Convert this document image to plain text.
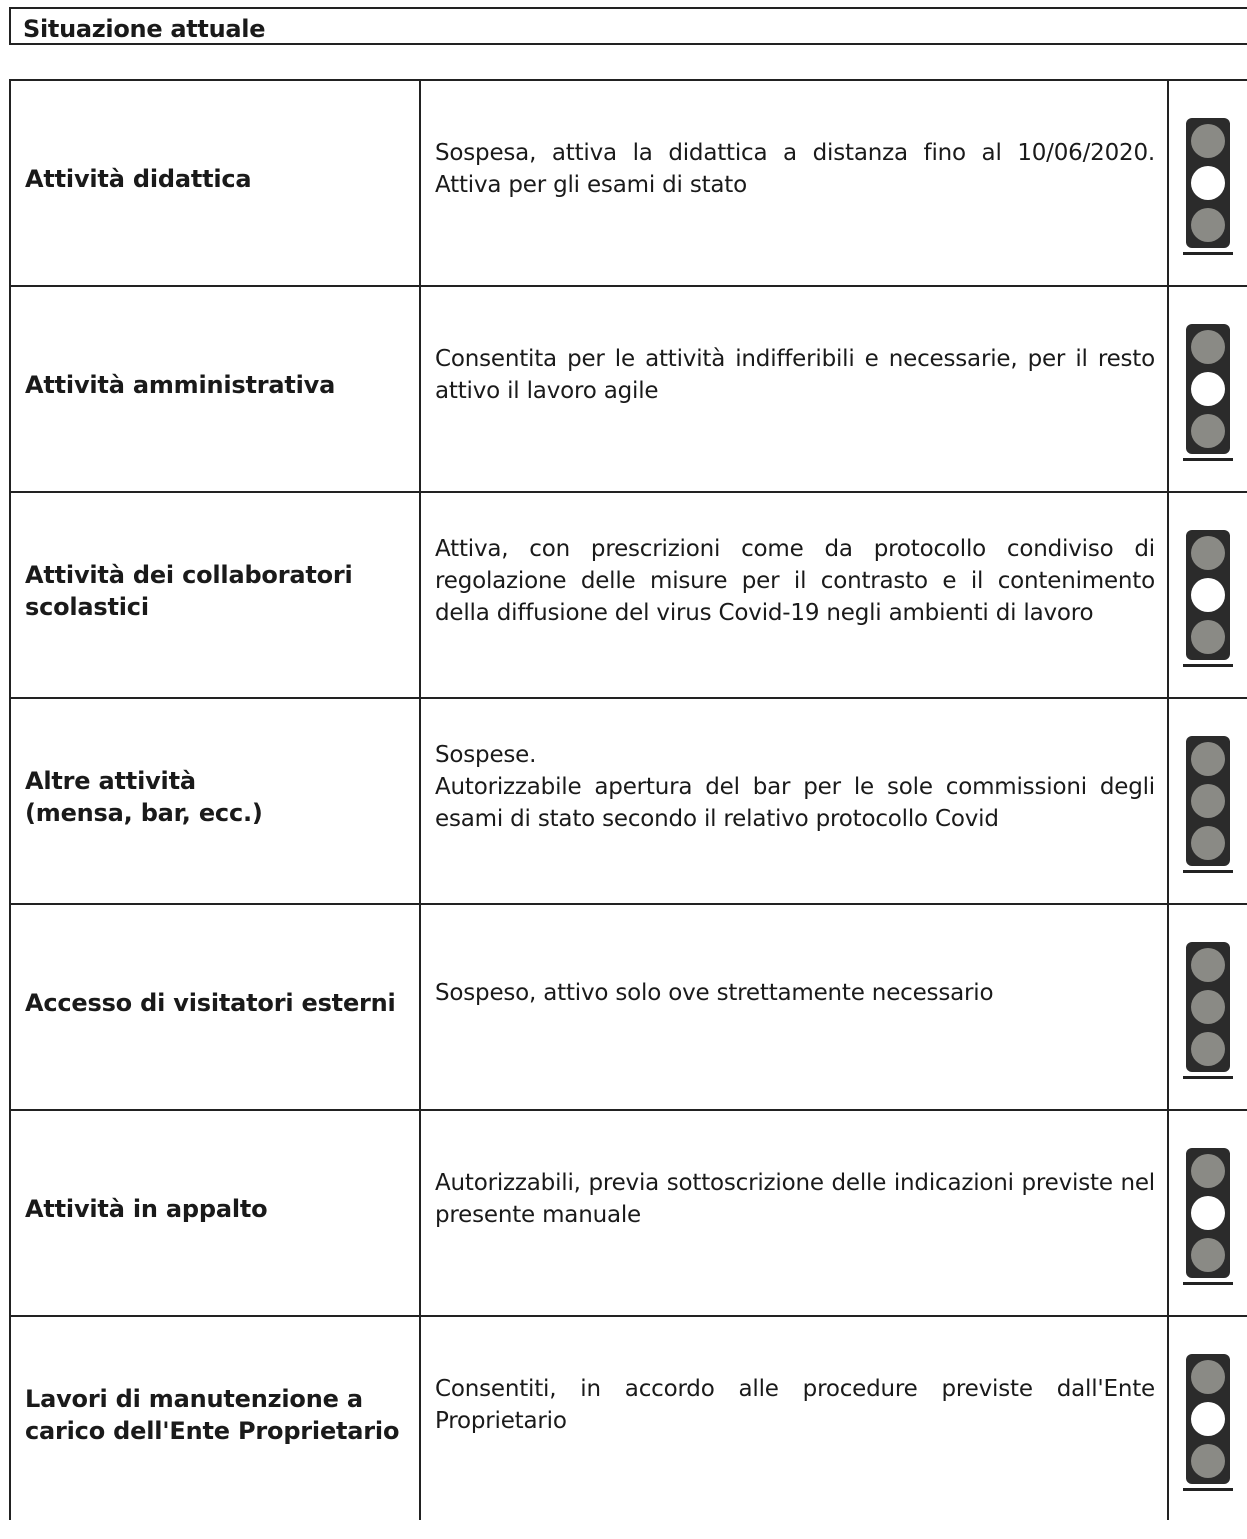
Situazione attuale
Attività didattica	Sospesa, attiva la didattica a distanza fino al 10/06/2020. Attiva per gli esami di stato	

Attività amministrativa	Consentita per le attività indifferibili e necessarie, per il resto attivo il lavoro agile	

Attività dei collaboratori
scolastici	Attiva, con prescrizioni come da protocollo condiviso di regolazione delle misure per il contrasto e il contenimento della diffusione del virus Covid-19 negli ambienti di lavoro	

Altre attività
(mensa, bar, ecc.)	Sospese.
Autorizzabile apertura del bar per le sole commissioni degli esami di stato secondo il relativo protocollo Covid	

Accesso di visitatori esterni	Sospeso, attivo solo ove strettamente necessario	

Attività in appalto	Autorizzabili, previa sottoscrizione delle indicazioni previste nel presente manuale	

Lavori di manutenzione a
carico dell'Ente Proprietario	Consentiti, in accordo alle procedure previste dall'Ente Proprietario	
